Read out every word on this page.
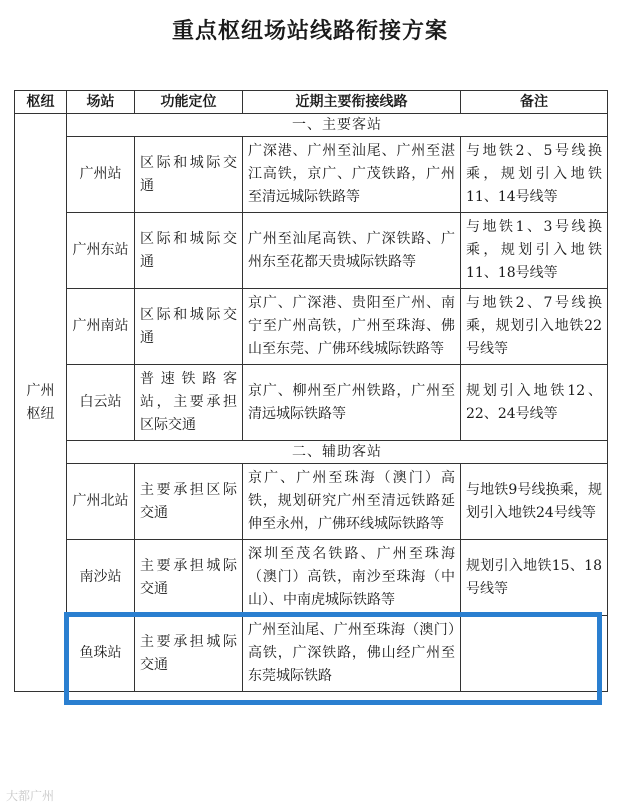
重点枢纽场站线路衔接方案
枢纽	场站	功能定位	近期主要衔接线路	备注
广州枢纽	一、主要客站			
	广州站	区际和城际交通	广深港、广州至汕尾、广州至湛江高铁，京广、广茂铁路，广州至清远城际铁路等	与地铁2、5号线换乘，规划引入地铁11、14号线等
	广州东站	区际和城际交通	广州至汕尾高铁、广深铁路、广州东至花都天贵城际铁路等	与地铁1、3号线换乘，规划引入地铁11、18号线等
	广州南站	区际和城际交通	京广、广深港、贵阳至广州、南宁至广州高铁，广州至珠海、佛山至东莞、广佛环线城际铁路等	与地铁2、7号线换乘，规划引入地铁22号线等
	白云站	普速铁路客站，主要承担区际交通	京广、柳州至广州铁路，广州至清远城际铁路等	规划引入地铁12、22、24号线等
	二、辅助客站			
	广州北站	主要承担区际交通	京广、广州至珠海（澳门）高铁，规划研究广州至清远铁路延伸至永州，广佛环线城际铁路等	与地铁9号线换乘，规划引入地铁24号线等
	南沙站	主要承担城际交通	深圳至茂名铁路、广州至珠海（澳门）高铁，南沙至珠海（中山）、中南虎城际铁路等	规划引入地铁15、18号线等
	鱼珠站	主要承担城际交通	广州至汕尾、广州至珠海（澳门）高铁，广深铁路，佛山经广州至东莞城际铁路	
大都广州
